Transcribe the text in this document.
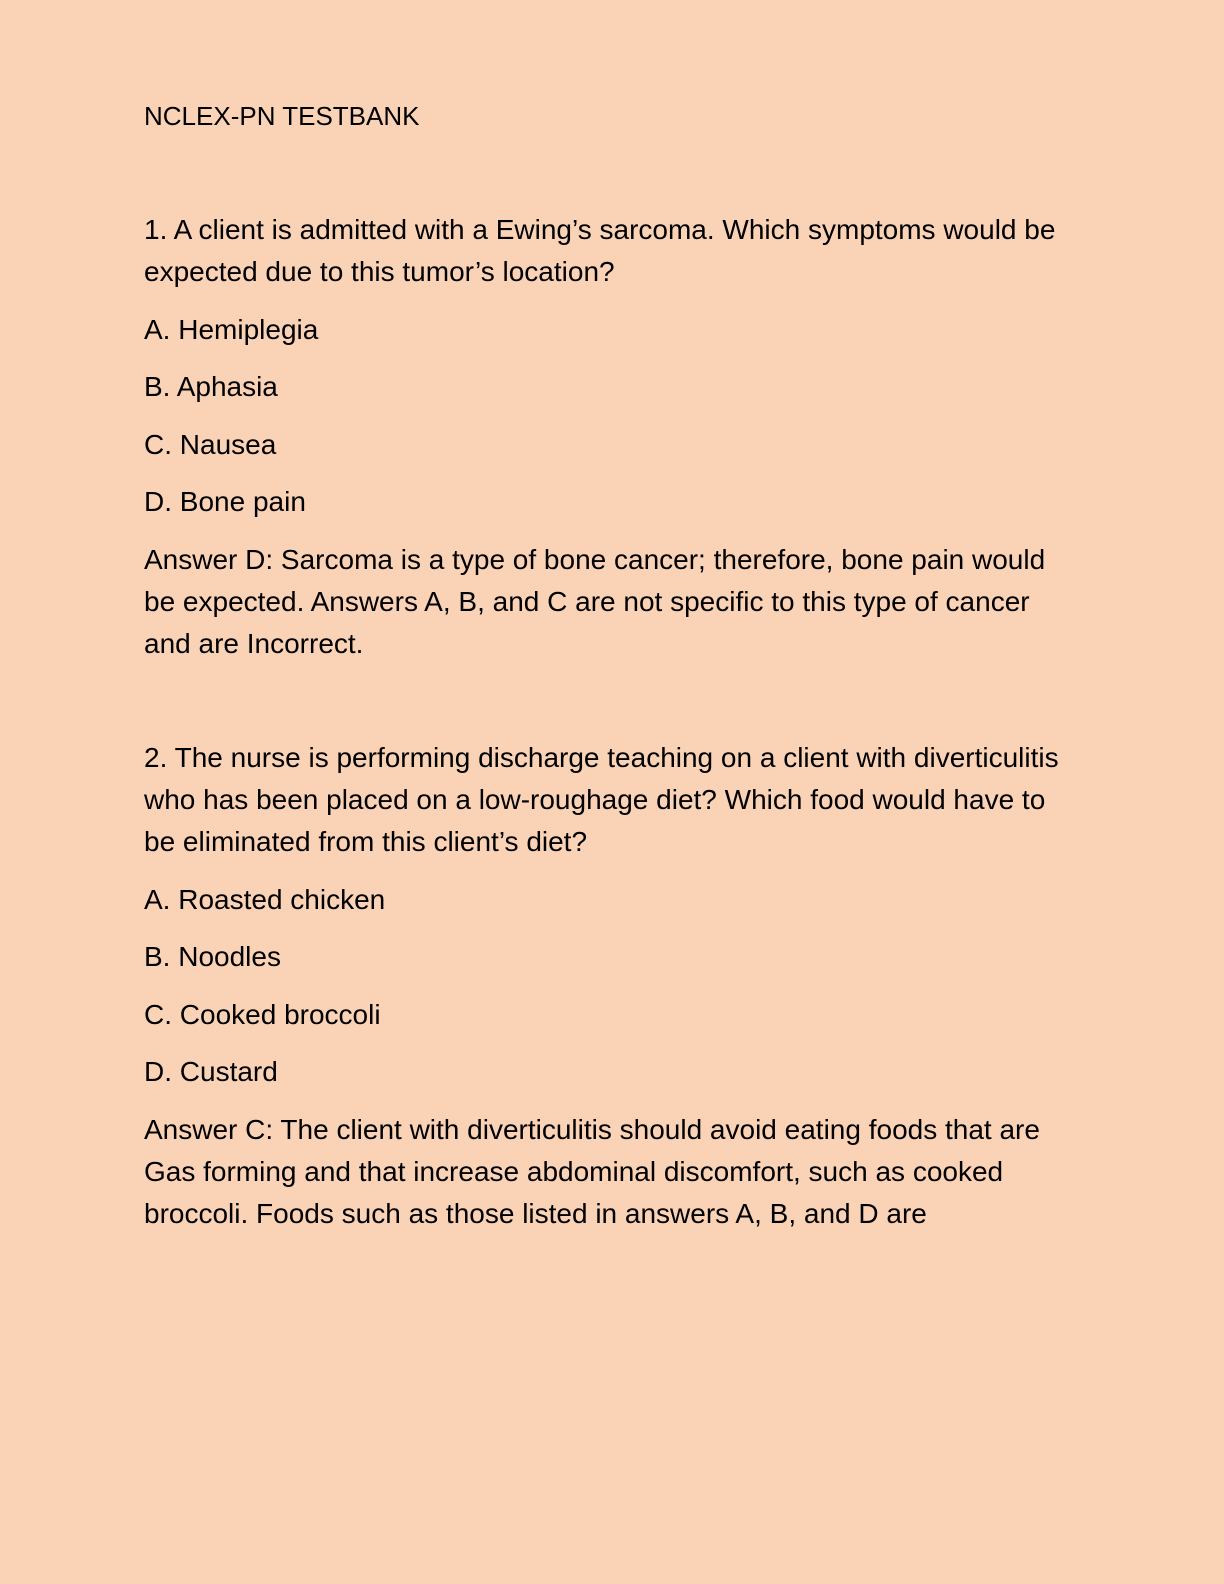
NCLEX-PN TESTBANK

1. A client is admitted with a Ewing’s sarcoma. Which symptoms would be expected due to this tumor’s location?

A. Hemiplegia
B. Aphasia
C. Nausea
D. Bone pain

Answer D: Sarcoma is a type of bone cancer; therefore, bone pain would be expected. Answers A, B, and C are not specific to this type of cancer and are Incorrect.

2. The nurse is performing discharge teaching on a client with diverticulitis who has been placed on a low-roughage diet? Which food would have to be eliminated from this client’s diet?

A. Roasted chicken
B. Noodles
C. Cooked broccoli
D. Custard

Answer C: The client with diverticulitis should avoid eating foods that are Gas forming and that increase abdominal discomfort, such as cooked broccoli. Foods such as those listed in answers A, B, and D are
